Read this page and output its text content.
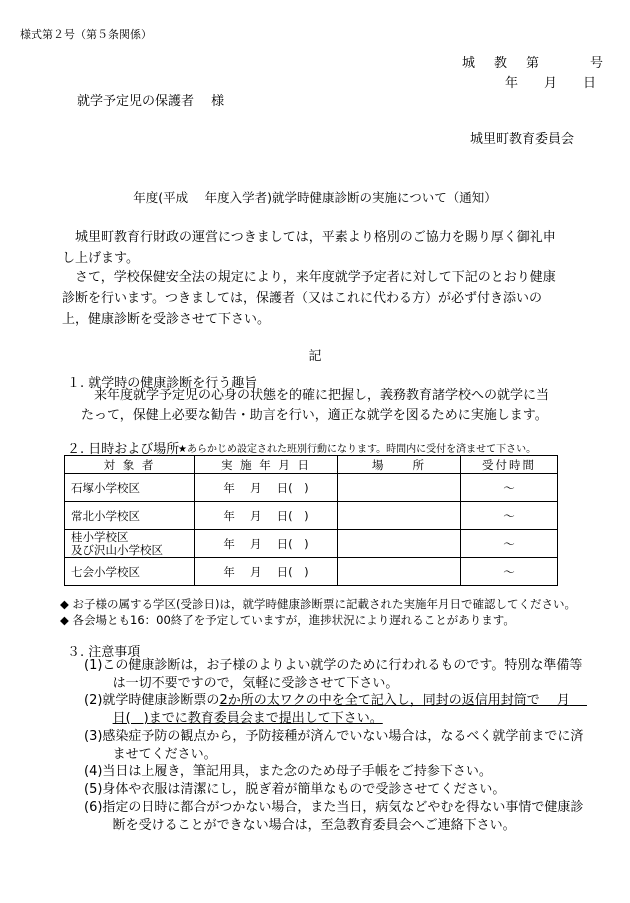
様式第２号（第５条関係）
城　教　第　　　号
年 月 日
就学予定児の保護者　 様
城里町教育委員会
年度(平成　 年度入学者)就学時健康診断の実施について（通知）
城里町教育行財政の運営につきましては，平素より格別のご協力を賜り厚く御礼申し上げます。
さて，学校保健安全法の規定により，来年度就学予定者に対して下記のとおり健康診断を行います。つきましては，保護者（又はこれに代わる方）が必ず付き添いの上，健康診断を受診させて下さい。
記
１. 就学時の健康診断を行う趣旨
来年度就学予定児の心身の状態を的確に把握し，義務教育諸学校への就学に当たって，保健上必要な勧告・助言を行い，適正な就学を図るために実施します。
２. 日時および場所
★あらかじめ設定された班別行動になります。時間内に受付を済ませて下さい。
対 象 者	実 施 年 月 日	場　　所	受付時間
石塚小学校区	年　 月 　日(　)		～
常北小学校区	年　 月 　日(　)		～
桂小学校区
及び沢山小学校区	年　 月 　日(　)		～
七会小学校区	年　 月 　日(　)		～
◆ お子様の属する学区(受診日)は，就学時健康診断票に記載された実施年月日で確認してください。
◆ 各会場とも16：00終了を予定していますが，進捗状況により遅れることがあります。
３. 注意事項
(1)この健康診断は，お子様のよりよい就学のために行われるものです。特別な準備等は一切不要ですので，気軽に受診させて下さい。
(2)就学時健康診断票の2か所の太ワクの中を全て記入し，同封の返信用封筒で　 月　 日(　)までに教育委員会まで提出して下さい。
(3)感染症予防の観点から，予防接種が済んでいない場合は，なるべく就学前までに済ませてください。
(4)当日は上履き，筆記用具，また念のため母子手帳をご持参下さい。
(5)身体や衣服は清潔にし，脱ぎ着が簡単なもので受診させてください。
(6)指定の日時に都合がつかない場合，また当日，病気などやむを得ない事情で健康診断を受けることができない場合は，至急教育委員会へご連絡下さい。
